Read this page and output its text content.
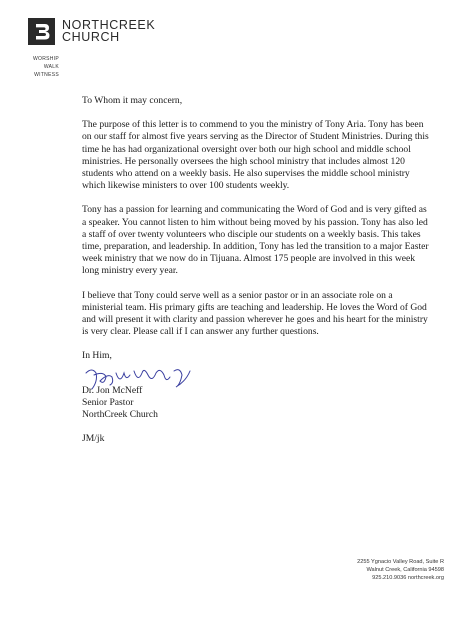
NORTHCREEK
CHURCH
WORSHIP
WALK
WITNESS

To Whom it may concern,

The purpose of this letter is to commend to you the ministry of Tony Aria. Tony has been on our staff for almost five years serving as the Director of Student Ministries. During this time he has had organizational oversight over both our high school and middle school ministries. He personally oversees the high school ministry that includes almost 120 students who attend on a weekly basis. He also supervises the middle school ministry which likewise ministers to over 100 students weekly.

Tony has a passion for learning and communicating the Word of God and is very gifted as a speaker. You cannot listen to him without being moved by his passion. Tony has also led a staff of over twenty volunteers who disciple our students on a weekly basis. This takes time, preparation, and leadership. In addition, Tony has led the transition to a major Easter week ministry that we now do in Tijuana. Almost 175 people are involved in this week long ministry every year.

I believe that Tony could serve well as a senior pastor or in an associate role on a ministerial team. His primary gifts are teaching and leadership. He loves the Word of God and will present it with clarity and passion wherever he goes and his heart for the ministry is very clear. Please call if I can answer any further questions.

In Him,

Dr. Jon McNeff

Senior Pastor

NorthCreek Church

JM/jk

2255 Ygnacio Valley Road, Suite R
Walnut Creek, California 94598
925.210.9036 northcreek.org
